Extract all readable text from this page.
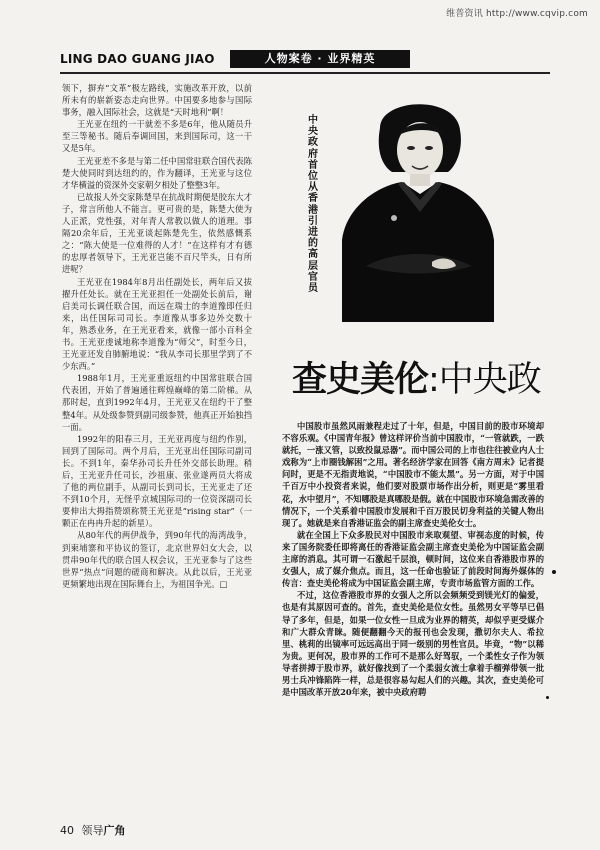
维普资讯 http://www.cqvip.com
LING DAO GUANG JIAO	人物案卷 · 业界精英

领下，摒弃“文革”极左路线，实施改革开放，以前所未有的崭新姿态走向世界。中国要多地参与国际事务，融入国际社会，这就是“天时地利”啊！

王光亚在纽约一干就差不多是6年，他从随员升至三等秘书。随后奉调回国，来到国际司，这一干又是5年。

王光亚差不多是与第二任中国常驻联合国代表陈楚大使同时到达纽约的，作为翻译，王光亚与这位才华横溢的资深外交家朝夕相处了整整3年。

已故报人外交家陈楚早在抗战时期便是胶东大才子，常言所他人不能言。更可贵的是，陈楚大使为人正派，党性强，对年青人常教以做人的道理。事隔20余年后，王光亚谈起陈楚先生，依然感慨系之：“陈大使是一位难得的人才！”在这样有才有德的忠厚者领导下，王光亚岂能不百尺竿头，日有所进呢？

王光亚在1984年8月出任副处长，两年后又拔擢升任处长。就在王光亚担任一处副处长前后，谢启美司长调任联合国，而远在瑞士的李道豫即任归来，出任国际司司长。李道豫从事多边外交数十年，熟悉业务，在王光亚看来，就像一部小百科全书。王光亚虔诚地称李道豫为“师父”，时至今日，王光亚还发自肺腑地说：“我从李司长那里学到了不少东西。”

1988年1月，王光亚重返纽约中国常驻联合国代表团，开始了普遍通往辉煌巅峰的第二阶梯。从那时起，直到1992年4月，王光亚又在纽约干了整整4年。从处级参赞到副司级参赞，他真正开始独挡一面。

1992年的阳春三月，王光亚再度与纽约作别，回到了国际司。两个月后，王光亚出任国际司副司长。不到1年，秦华孙司长升任外交部长助理。稍后，王光亚升任司长，沙祖康、张业遂两员大将成了他的两位副手，从副司长到司长，王光亚走了还不到10个月，无怪乎京城国际司的一位资深副司长要伸出大拇指赞颂称赞王光亚是“rising star”（一颗正在冉冉升起的新星）。

从80年代的两伊战争，到90年代的海湾战争，到柬埔寨和平协议的签订，北京世界妇女大会，以贯串90年代的联合国人权会议，王光亚参与了这些世界“热点”问题的磋商和解决。从此以后，王光亚更频繁地出现在国际舞台上，为祖国争光。□

中央政府首位从香港引进的高层官员
查史美伦:中央政

中国股市虽然风雨兼程走过了十年，但是，中国目前的股市环境却不容乐观。《中国青年报》曾这样评价当前中国股市，“一管就跌，一跌就托，一涨又管，以致投鼠忌器”。而中国公司的上市也往往被业内人士戏称为“上市圈钱解困”之用。著名经济学家在回答《南方周末》记者提问时，更是不无指责地说，“中国股市不能太黑”。另一方面，对于中国千百万中小投资者来说，他们要对股票市场作出分析，则更是“雾里看花，水中望月”，不知哪股是真哪股是假。就在中国股市环境急需改善的情况下，一个关系着中国股市发展和千百万股民切身利益的关键人物出现了。她就是来自香港证监会的副主席查史美伦女士。

就在全国上下众多股民对中国股市来取观望、审视态度的时候，传来了国务院委任即将离任的香港证监会副主席查史美伦为中国证监会副主席的消息。其可谓一石激起千层浪，顿时间，这位来自香港股市界的女强人，成了媒介焦点。而且，这一任命也验证了前段时间海外媒体的传言：查史美伦将成为中国证监会副主席，专责市场监管方面的工作。

不过，这位香港股市界的女强人之所以会频频受到镁光灯的偏爱，也是有其原因可查的。首先，查史美伦是位女性。虽然男女平等早已倡导了多年，但是，如果一位女性一旦成为业界的精英，却似乎更受媒介和广大群众青睐。随便翻翻今天的报刊也会发现，撒切尔夫人、希拉里、桃莉的出镜率可远远高出于同一级别的男性官员。毕竟，“物”以稀为贵。更何况，股市界的工作可不是那么好驾驭，一个柔性女子作为领导者拼搏于股市界，就好像找到了一个柔弱女流士拿着手榴弹带领一批男士兵冲锋陷阵一样，总是很容易勾起人们的兴趣。其次，查史美伦可是中国改革开放20年来，被中央政府聘

40 领导广角
